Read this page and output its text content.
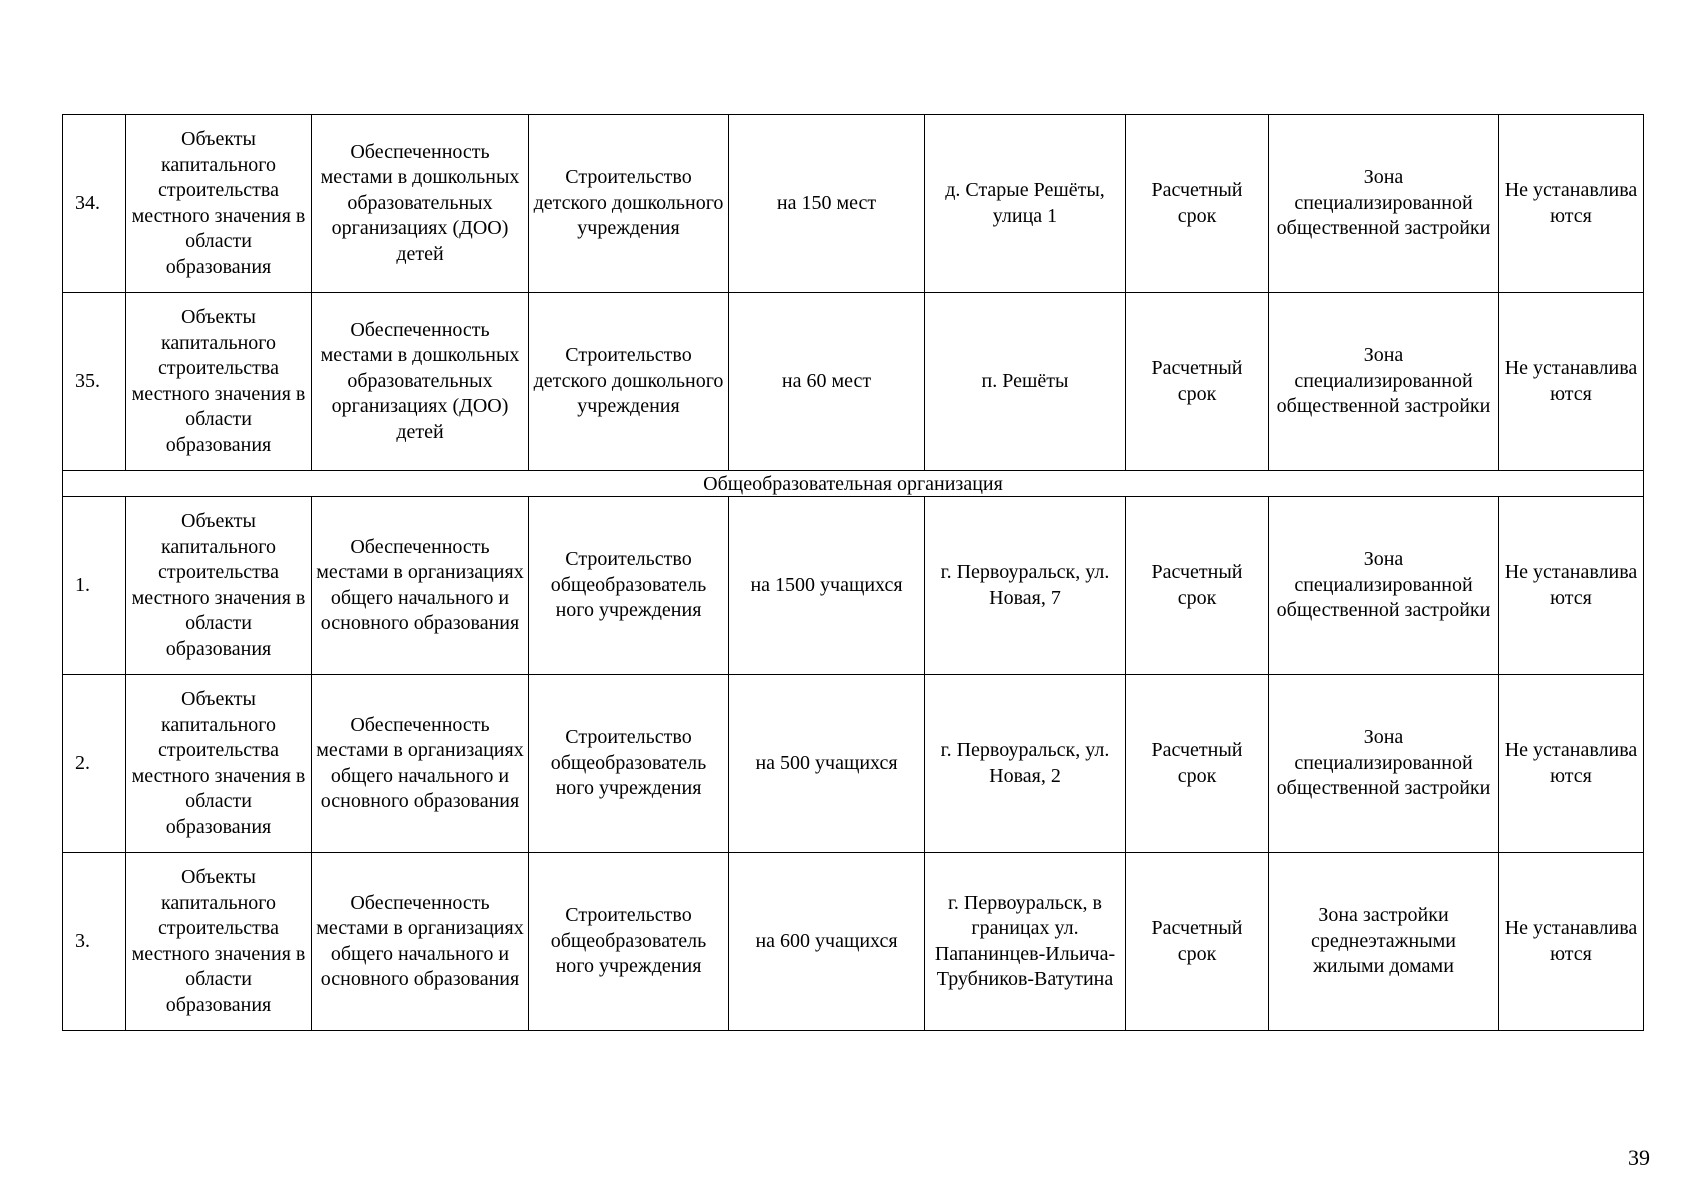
34.	Объекты капитального строительства местного значения в области образования	Обеспеченность местами в дошкольных образовательных организациях (ДОО) детей	Строительство детского дошкольного учреждения	на 150 мест	д. Старые Решёты, улица 1	Расчетный срок	Зона специализированной общественной застройки	Не устанавлива ются
35.	Объекты капитального строительства местного значения в области образования	Обеспеченность местами в дошкольных образовательных организациях (ДОО) детей	Строительство детского дошкольного учреждения	на 60 мест	п. Решёты	Расчетный срок	Зона специализированной общественной застройки	Не устанавлива ются
Общеобразовательная организация								
1.	Объекты капитального строительства местного значения в области образования	Обеспеченность местами в организациях общего начального и основного образования	Строительство общеобразователь ного учреждения	на 1500 учащихся	г. Первоуральск, ул. Новая, 7	Расчетный срок	Зона специализированной общественной застройки	Не устанавлива ются
2.	Объекты капитального строительства местного значения в области образования	Обеспеченность местами в организациях общего начального и основного образования	Строительство общеобразователь ного учреждения	на 500 учащихся	г. Первоуральск, ул. Новая, 2	Расчетный срок	Зона специализированной общественной застройки	Не устанавлива ются
3.	Объекты капитального строительства местного значения в области образования	Обеспеченность местами в организациях общего начального и основного образования	Строительство общеобразователь ного учреждения	на 600 учащихся	г. Первоуральск, в границах ул. Папанинцев-Ильича-Трубников-Ватутина	Расчетный срок	Зона застройки среднеэтажными жилыми домами	Не устанавлива ются
39
